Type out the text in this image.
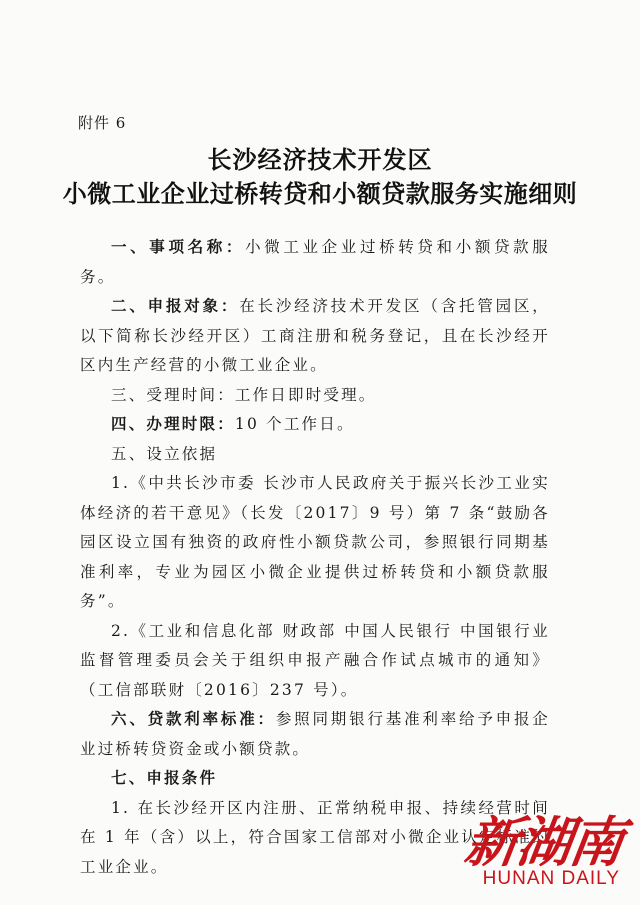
附件 6
长沙经济技术开发区
小微工业企业过桥转贷和小额贷款服务实施细则

一、事项名称：小微工业企业过桥转贷和小额贷款服务。

二、申报对象：在长沙经济技术开发区（含托管园区，以下简称长沙经开区）工商注册和税务登记，且在长沙经开区内生产经营的小微工业企业。

三、受理时间：工作日即时受理。

四、办理时限：10 个工作日。

五、设立依据

1.《中共长沙市委 长沙市人民政府关于振兴长沙工业实体经济的若干意见》（长发〔2017〕9 号）第 7 条“鼓励各园区设立国有独资的政府性小额贷款公司，参照银行同期基准利率，专业为园区小微企业提供过桥转贷和小额贷款服务”。

2.《工业和信息化部 财政部 中国人民银行 中国银行业监督管理委员会关于组织申报产融合作试点城市的通知》（工信部联财〔2016〕237 号）。

六、贷款利率标准：参照同期银行基准利率给予申报企业过桥转贷资金或小额贷款。

七、申报条件

1. 在长沙经开区内注册、正常纳税申报、持续经营时间在 1 年（含）以上，符合国家工信部对小微企业认定标准的工业企业。	新湖南
HUNAN DAILY
